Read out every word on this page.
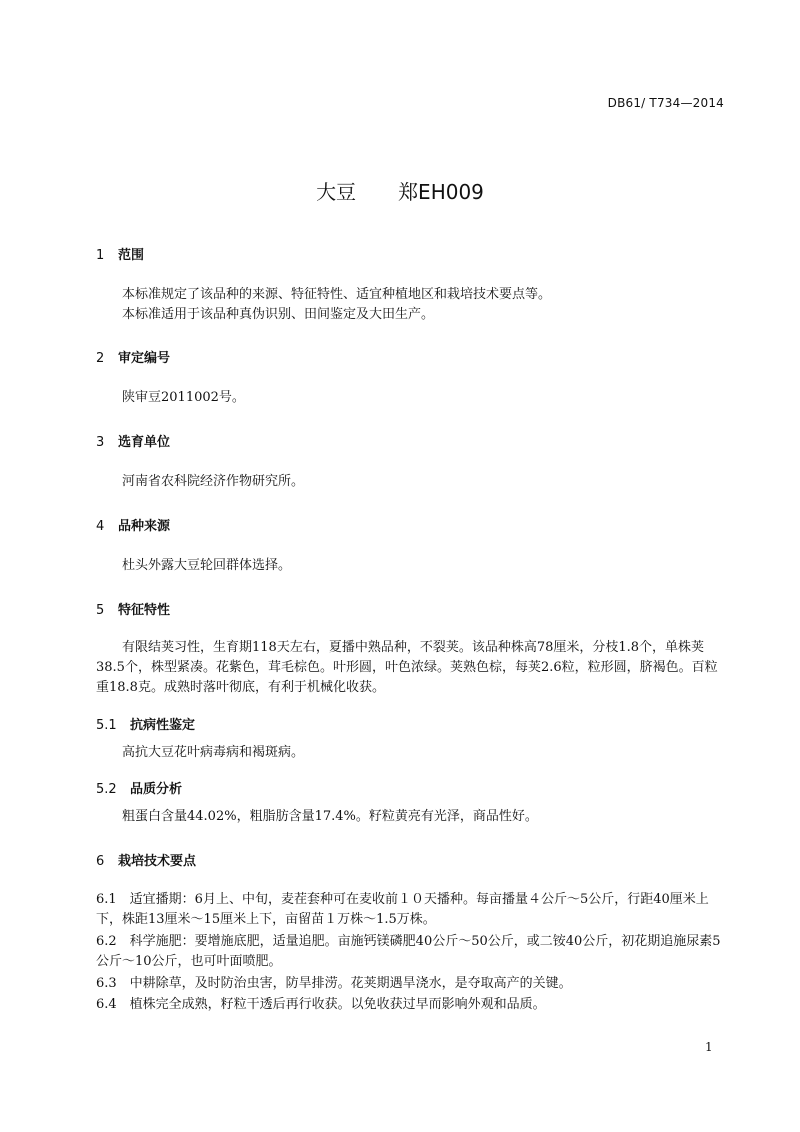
DB61/ T734—2014
大豆 郑EH009
1 范围
本标准规定了该品种的来源、特征特性、适宜种植地区和栽培技术要点等。
本标准适用于该品种真伪识别、田间鉴定及大田生产。
2 审定编号
陕审豆2011002号。
3 选育单位
河南省农科院经济作物研究所。
4 品种来源
杜头外露大豆轮回群体选择。
5 特征特性
有限结荚习性，生育期118天左右，夏播中熟品种，不裂荚。该品种株高78厘米，分枝1.8个，单株荚38.5个，株型紧凑。花紫色，茸毛棕色。叶形圆，叶色浓绿。荚熟色棕，每荚2.6粒，粒形圆，脐褐色。百粒重18.8克。成熟时落叶彻底，有利于机械化收获。
5.1 抗病性鉴定
高抗大豆花叶病毒病和褐斑病。
5.2 品质分析
粗蛋白含量44.02%，粗脂肪含量17.4%。籽粒黄亮有光泽，商品性好。
6 栽培技术要点
6.1　适宜播期：6月上、中旬，麦茬套种可在麦收前１０天播种。每亩播量４公斤～5公斤，行距40厘米上下，株距13厘米～15厘米上下，亩留苗１万株～1.5万株。
6.2　科学施肥：要增施底肥，适量追肥。亩施钙镁磷肥40公斤～50公斤，或二铵40公斤，初花期追施尿素5公斤～10公斤，也可叶面喷肥。
6.3　中耕除草，及时防治虫害，防旱排涝。花荚期遇旱浇水，是夺取高产的关键。
6.4　植株完全成熟，籽粒干透后再行收获。以免收获过早而影响外观和品质。
1
